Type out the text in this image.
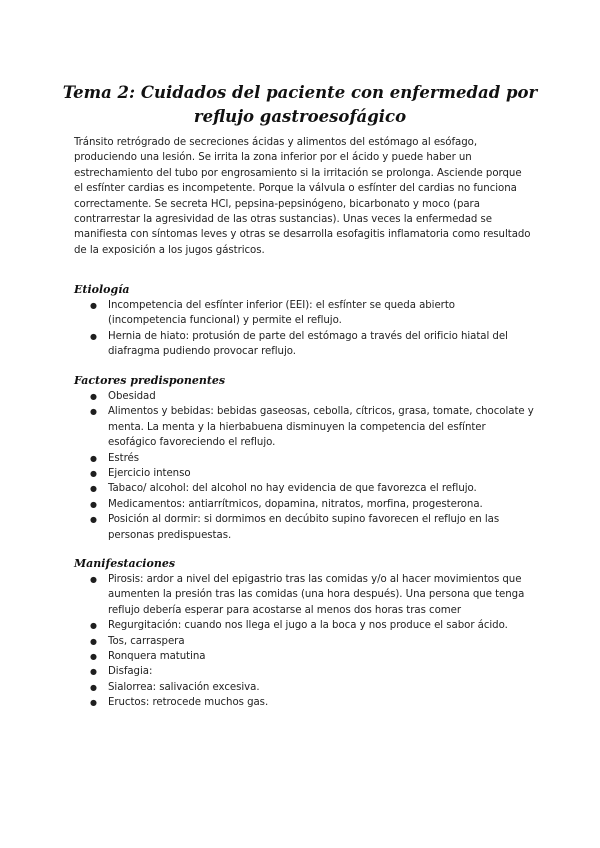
Tema 2: Cuidados del paciente con enfermedad por reflujo gastroesofágico

Tránsito retrógrado de secreciones ácidas y alimentos del estómago al esófago, produciendo una lesión. Se irrita la zona inferior por el ácido y puede haber un estrechamiento del tubo por engrosamiento si la irritación se prolonga. Asciende porque el esfínter cardias es incompetente. Porque la válvula o esfínter del cardias no funciona correctamente. Se secreta HCl, pepsina-pepsinógeno, bicarbonato y moco (para contrarrestar la agresividad de las otras sustancias). Unas veces la enfermedad se manifiesta con síntomas leves y otras se desarrolla esofagitis inflamatoria como resultado de la exposición a los jugos gástricos.

Etiología
● Incompetencia del esfínter inferior (EEI): el esfínter se queda abierto (incompetencia funcional) y permite el reflujo.
● Hernia de hiato: protusión de parte del estómago a través del orificio hiatal del diafragma pudiendo provocar reflujo.
Factores predisponentes
● Obesidad
● Alimentos y bebidas: bebidas gaseosas, cebolla, cítricos, grasa, tomate, chocolate y menta. La menta y la hierbabuena disminuyen la competencia del esfínter esofágico favoreciendo el reflujo.
● Estrés
● Ejercicio intenso
● Tabaco/ alcohol: del alcohol no hay evidencia de que favorezca el reflujo.
● Medicamentos: antiarrítmicos, dopamina, nitratos, morfina, progesterona.
● Posición al dormir: si dormimos en decúbito supino favorecen el reflujo en las personas predispuestas.
Manifestaciones
● Pirosis: ardor a nivel del epigastrio tras las comidas y/o al hacer movimientos que aumenten la presión tras las comidas (una hora después). Una persona que tenga reflujo debería esperar para acostarse al menos dos horas tras comer
● Regurgitación: cuando nos llega el jugo a la boca y nos produce el sabor ácido.
● Tos, carraspera
● Ronquera matutina
● Disfagia:
● Sialorrea: salivación excesiva.
● Eructos: retrocede muchos gas.
